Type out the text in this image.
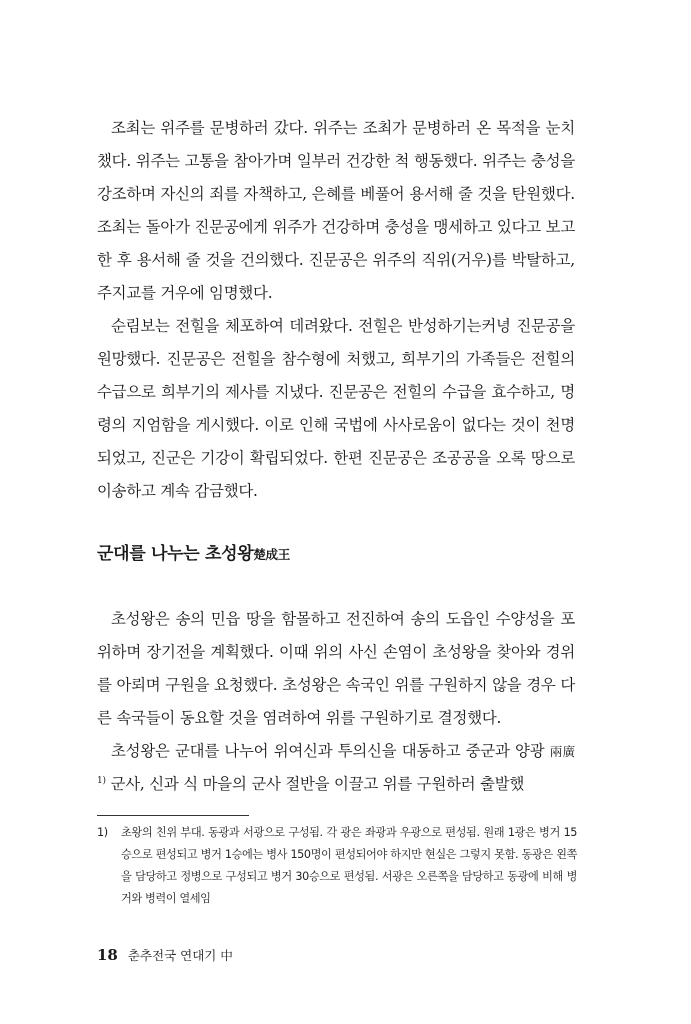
조최는 위주를 문병하러 갔다. 위주는 조최가 문병하러 온 목적을 눈치챘다. 위주는 고통을 참아가며 일부러 건강한 척 행동했다. 위주는 충성을 강조하며 자신의 죄를 자책하고, 은혜를 베풀어 용서해 줄 것을 탄원했다. 조최는 돌아가 진문공에게 위주가 건강하며 충성을 맹세하고 있다고 보고한 후 용서해 줄 것을 건의했다. 진문공은 위주의 직위(거우)를 박탈하고, 주지교를 거우에 임명했다.

순림보는 전힐을 체포하여 데려왔다. 전힐은 반성하기는커녕 진문공을 원망했다. 진문공은 전힐을 참수형에 처했고, 희부기의 가족들은 전힐의 수급으로 희부기의 제사를 지냈다. 진문공은 전힐의 수급을 효수하고, 명령의 지엄함을 게시했다. 이로 인해 국법에 사사로움이 없다는 것이 천명되었고, 진군은 기강이 확립되었다. 한편 진문공은 조공공을 오록 땅으로 이송하고 계속 감금했다.

군대를 나누는 초성왕楚成王

초성왕은 송의 민읍 땅을 함몰하고 전진하여 송의 도읍인 수양성을 포위하며 장기전을 계획했다. 이때 위의 사신 손염이 초성왕을 찾아와 경위를 아뢰며 구원을 요청했다. 초성왕은 속국인 위를 구원하지 않을 경우 다른 속국들이 동요할 것을 염려하여 위를 구원하기로 결정했다.

초성왕은 군대를 나누어 위여신과 투의신을 대동하고 중군과 양광 兩廣$^{1)}$ 군사, 신과 식 마을의 군사 절반을 이끌고 위를 구원하러 출발했

1)	초왕의 친위 부대. 동광과 서광으로 구성됨. 각 광은 좌광과 우광으로 편성됨. 원래 1광은 병거 15승으로 편성되고 병거 1승에는 병사 150명이 편성되어야 하지만 현실은 그렇지 못함. 동광은 왼쪽을 담당하고 정병으로 구성되고 병거 30승으로 편성됨. 서광은 오른쪽을 담당하고 동광에 비해 병거와 병력이 열세임
18 춘추전국 연대기 中
